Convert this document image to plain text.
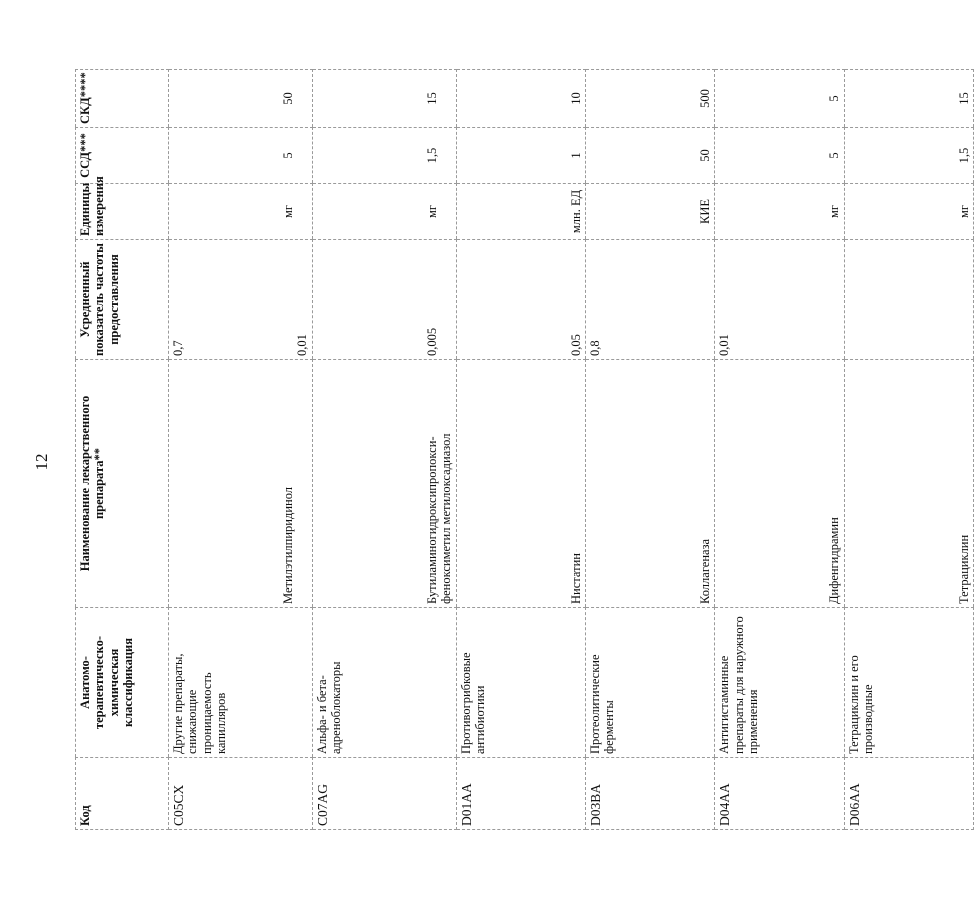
12
Код	Анатомо-терапевтическо-химическая классификация	Наименование лекарственного препарата**	Усредненный показатель частоты предоставления	Единицы измерения	ССД***	СКД****
C05CX	Другие препараты, снижающие проницаемость капилляров	Метилэтилпиридинол	0,7 0,01	мг	5	50

C07AG	Альфа- и бета-адреноблокаторы	Бутиламиногидроксипропокси-феноксиметил метилоксадиазол	0,005	мг	1,5	15

D01AA	Противогрибковые антибиотики	Нистатин	0,05	млн. ЕД	1	10

D03BA	Протеолитические ферменты	Коллагеназа	0,8	КИЕ	50	500

D04AA	Антигистаминные препараты для наружного применения	Дифенгидрамин	0,01	мг	5	5

D06AA	Тетрациклин и его производные	Тетрациклин		мг	1,5	15
